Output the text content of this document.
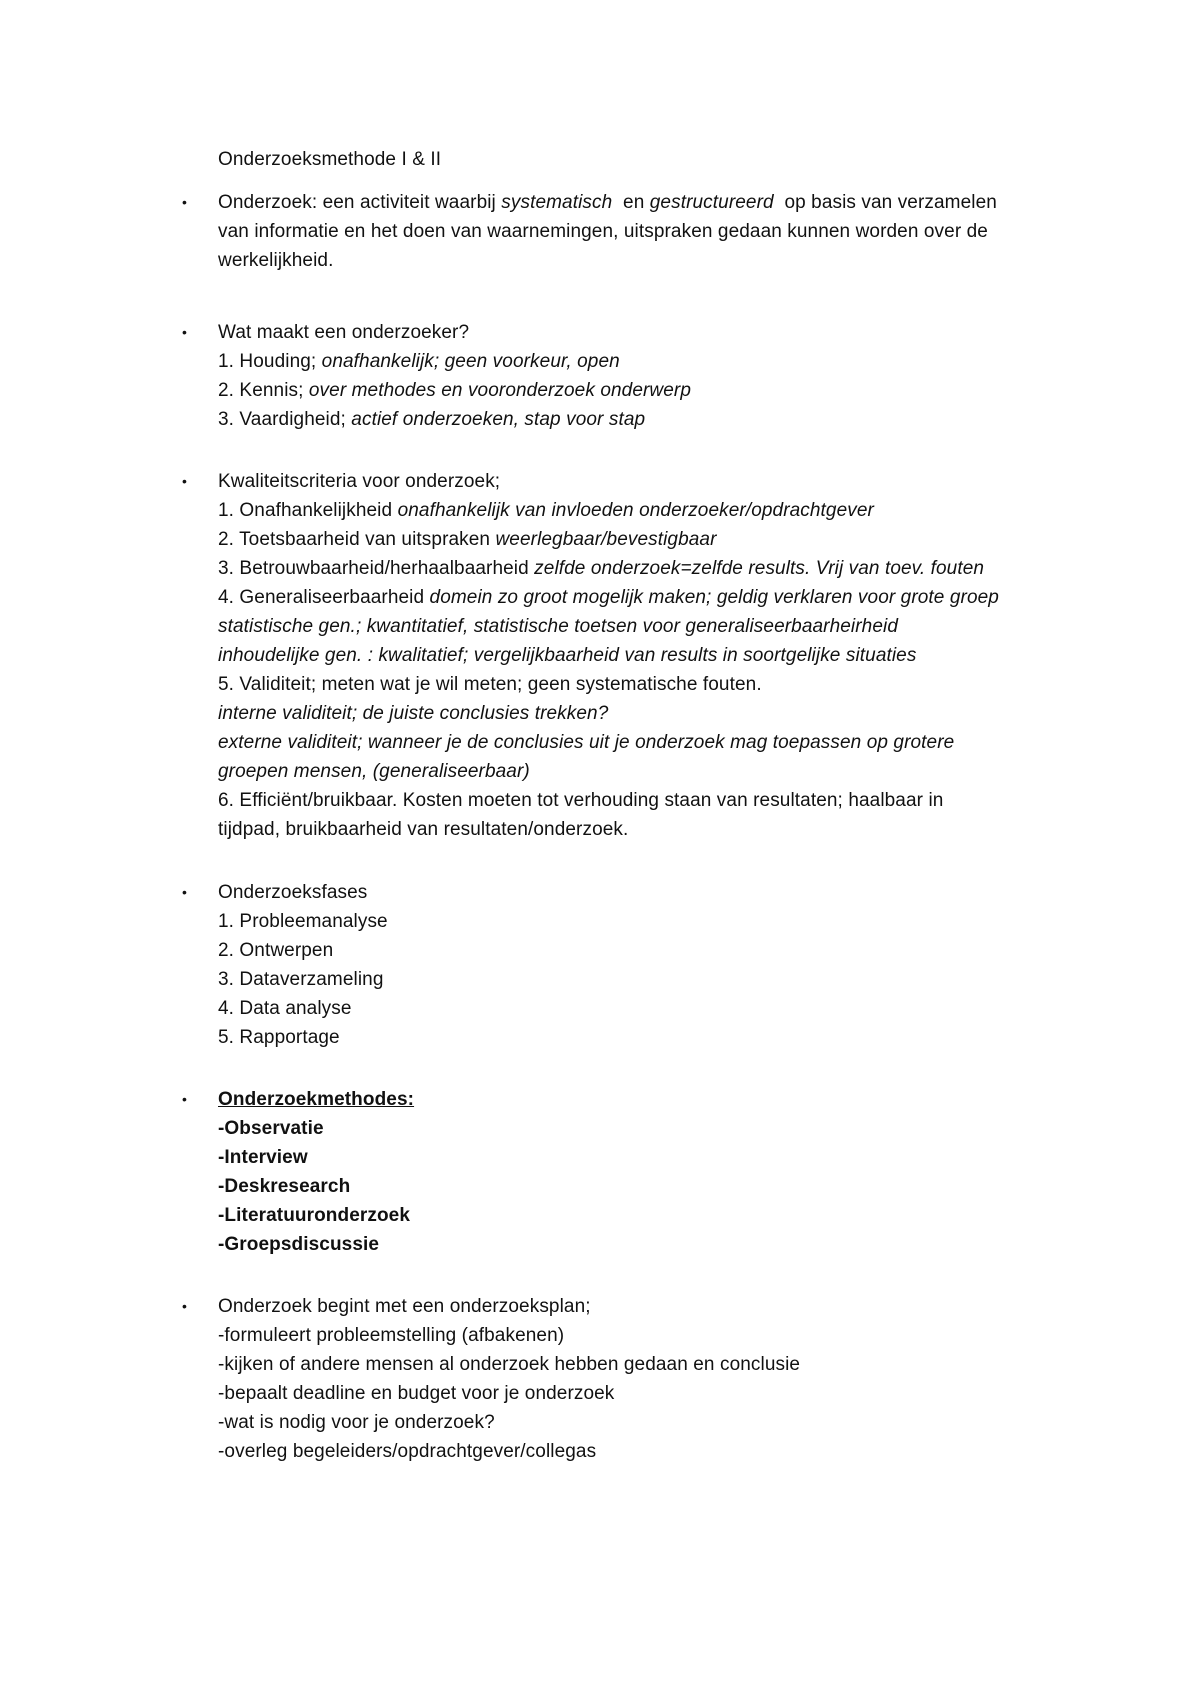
Onderzoeksmethode I & II
• Onderzoek: een activiteit waarbij systematisch  en gestructureerd  op basis van verzamelen
van informatie en het doen van waarnemingen, uitspraken gedaan kunnen worden over de
werkelijkheid.
• Wat maakt een onderzoeker?
1. Houding; onafhankelijk; geen voorkeur, open
2. Kennis; over methodes en vooronderzoek onderwerp
3. Vaardigheid; actief onderzoeken, stap voor stap
• Kwaliteitscriteria voor onderzoek;
1. Onafhankelijkheid onafhankelijk van invloeden onderzoeker/opdrachtgever
2. Toetsbaarheid van uitspraken weerlegbaar/bevestigbaar
3. Betrouwbaarheid/herhaalbaarheid zelfde onderzoek=zelfde results. Vrij van toev. fouten
4. Generaliseerbaarheid domein zo groot mogelijk maken; geldig verklaren voor grote groep
statistische gen.; kwantitatief, statistische toetsen voor generaliseerbaarheirheid
inhoudelijke gen. : kwalitatief; vergelijkbaarheid van results in soortgelijke situaties
5. Validiteit; meten wat je wil meten; geen systematische fouten.
interne validiteit; de juiste conclusies trekken?
externe validiteit; wanneer je de conclusies uit je onderzoek mag toepassen op grotere
groepen mensen, (generaliseerbaar)
6. Efficiënt/bruikbaar. Kosten moeten tot verhouding staan van resultaten; haalbaar in
tijdpad, bruikbaarheid van resultaten/onderzoek.
• Onderzoeksfases
1. Probleemanalyse
2. Ontwerpen
3. Dataverzameling
4. Data analyse
5. Rapportage
• Onderzoekmethodes:
-Observatie
-Interview
-Deskresearch
-Literatuuronderzoek
-Groepsdiscussie
• Onderzoek begint met een onderzoeksplan;
-formuleert probleemstelling (afbakenen)
-kijken of andere mensen al onderzoek hebben gedaan en conclusie
-bepaalt deadline en budget voor je onderzoek
-wat is nodig voor je onderzoek?
-overleg begeleiders/opdrachtgever/collegas
